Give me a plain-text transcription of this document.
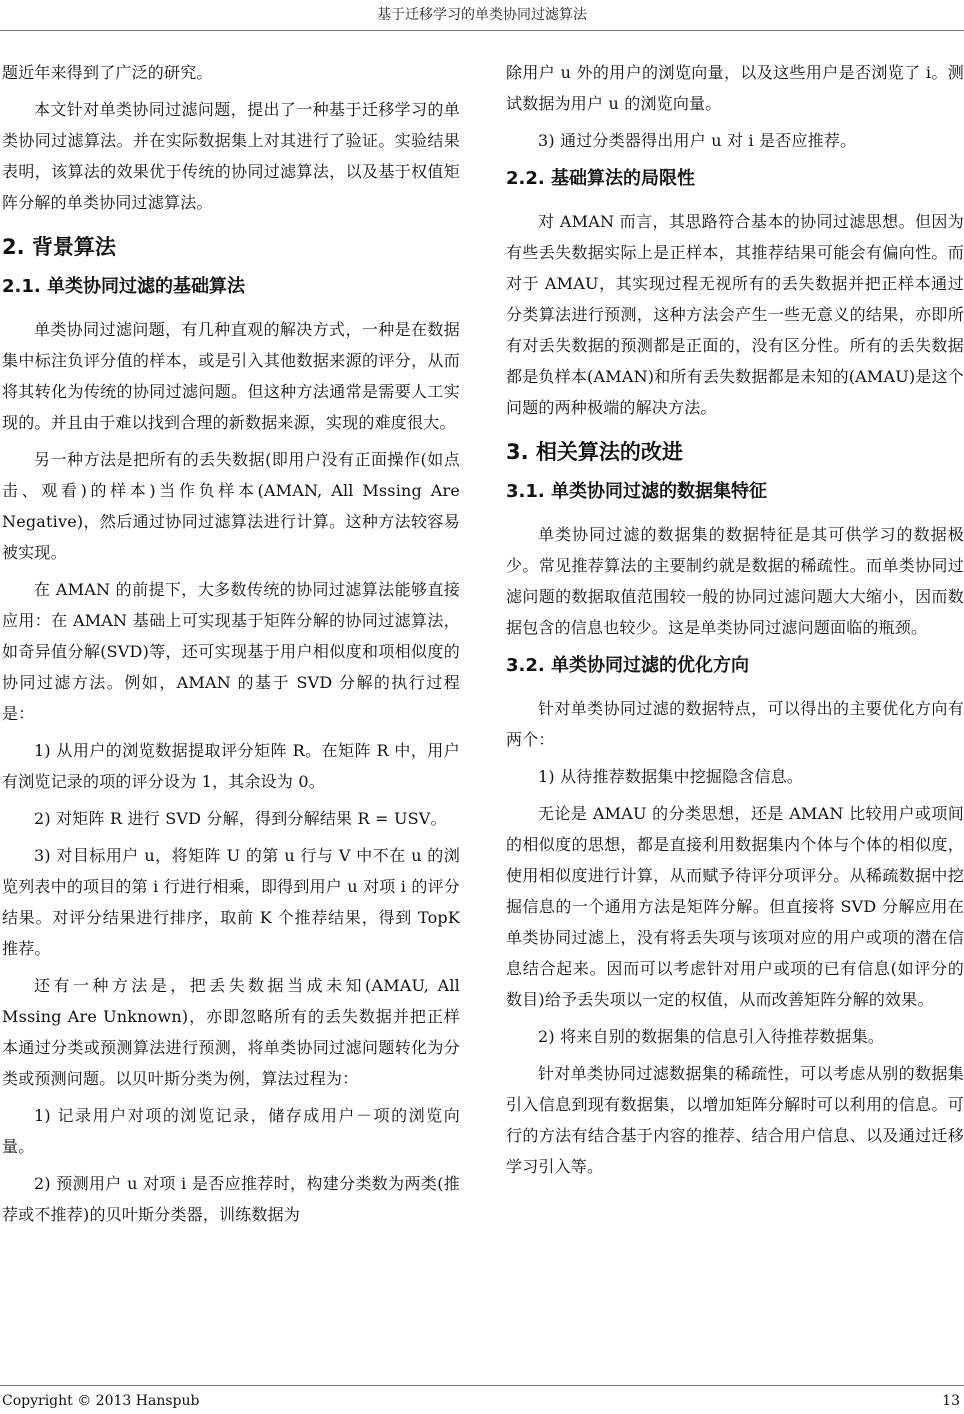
基于迁移学习的单类协同过滤算法

题近年来得到了广泛的研究。

本文针对单类协同过滤问题，提出了一种基于迁移学习的单类协同过滤算法。并在实际数据集上对其进行了验证。实验结果表明，该算法的效果优于传统的协同过滤算法，以及基于权值矩阵分解的单类协同过滤算法。

2. 背景算法
2.1. 单类协同过滤的基础算法

单类协同过滤问题，有几种直观的解决方式，一种是在数据集中标注负评分值的样本，或是引入其他数据来源的评分，从而将其转化为传统的协同过滤问题。但这种方法通常是需要人工实现的。并且由于难以找到合理的新数据来源，实现的难度很大。

另一种方法是把所有的丢失数据(即用户没有正面操作(如点击、观看)的样本)当作负样本(AMAN, All Mssing Are Negative)，然后通过协同过滤算法进行计算。这种方法较容易被实现。

在 AMAN 的前提下，大多数传统的协同过滤算法能够直接应用：在 AMAN 基础上可实现基于矩阵分解的协同过滤算法，如奇异值分解(SVD)等，还可实现基于用户相似度和项相似度的协同过滤方法。例如，AMAN 的基于 SVD 分解的执行过程是：

1) 从用户的浏览数据提取评分矩阵 R。在矩阵 R 中，用户有浏览记录的项的评分设为 1，其余设为 0。

2) 对矩阵 R 进行 SVD 分解，得到分解结果 R = USV。

3) 对目标用户 u，将矩阵 U 的第 u 行与 V 中不在 u 的浏览列表中的项目的第 i 行进行相乘，即得到用户 u 对项 i 的评分结果。对评分结果进行排序，取前 K 个推荐结果，得到 TopK 推荐。

还有一种方法是，把丢失数据当成未知(AMAU, All Mssing Are Unknown)，亦即忽略所有的丢失数据并把正样本通过分类或预测算法进行预测，将单类协同过滤问题转化为分类或预测问题。以贝叶斯分类为例，算法过程为：

1) 记录用户对项的浏览记录，储存成用户－项的浏览向量。

2) 预测用户 u 对项 i 是否应推荐时，构建分类数为两类(推荐或不推荐)的贝叶斯分类器，训练数据为

除用户 u 外的用户的浏览向量，以及这些用户是否浏览了 i。测试数据为用户 u 的浏览向量。

3) 通过分类器得出用户 u 对 i 是否应推荐。

2.2. 基础算法的局限性

对 AMAN 而言，其思路符合基本的协同过滤思想。但因为有些丢失数据实际上是正样本，其推荐结果可能会有偏向性。而对于 AMAU，其实现过程无视所有的丢失数据并把正样本通过分类算法进行预测，这种方法会产生一些无意义的结果，亦即所有对丢失数据的预测都是正面的，没有区分性。所有的丢失数据都是负样本(AMAN)和所有丢失数据都是未知的(AMAU)是这个问题的两种极端的解决方法。

3. 相关算法的改进
3.1. 单类协同过滤的数据集特征

单类协同过滤的数据集的数据特征是其可供学习的数据极少。常见推荐算法的主要制约就是数据的稀疏性。而单类协同过滤问题的数据取值范围较一般的协同过滤问题大大缩小，因而数据包含的信息也较少。这是单类协同过滤问题面临的瓶颈。

3.2. 单类协同过滤的优化方向

针对单类协同过滤的数据特点，可以得出的主要优化方向有两个：

1) 从待推荐数据集中挖掘隐含信息。

无论是 AMAU 的分类思想，还是 AMAN 比较用户或项间的相似度的思想，都是直接利用数据集内个体与个体的相似度，使用相似度进行计算，从而赋予待评分项评分。从稀疏数据中挖掘信息的一个通用方法是矩阵分解。但直接将 SVD 分解应用在单类协同过滤上，没有将丢失项与该项对应的用户或项的潜在信息结合起来。因而可以考虑针对用户或项的已有信息(如评分的数目)给予丢失项以一定的权值，从而改善矩阵分解的效果。

2) 将来自别的数据集的信息引入待推荐数据集。

针对单类协同过滤数据集的稀疏性，可以考虑从别的数据集引入信息到现有数据集，以增加矩阵分解时可以利用的信息。可行的方法有结合基于内容的推荐、结合用户信息、以及通过迁移学习引入等。

Copyright © 2013 Hanspub	13
